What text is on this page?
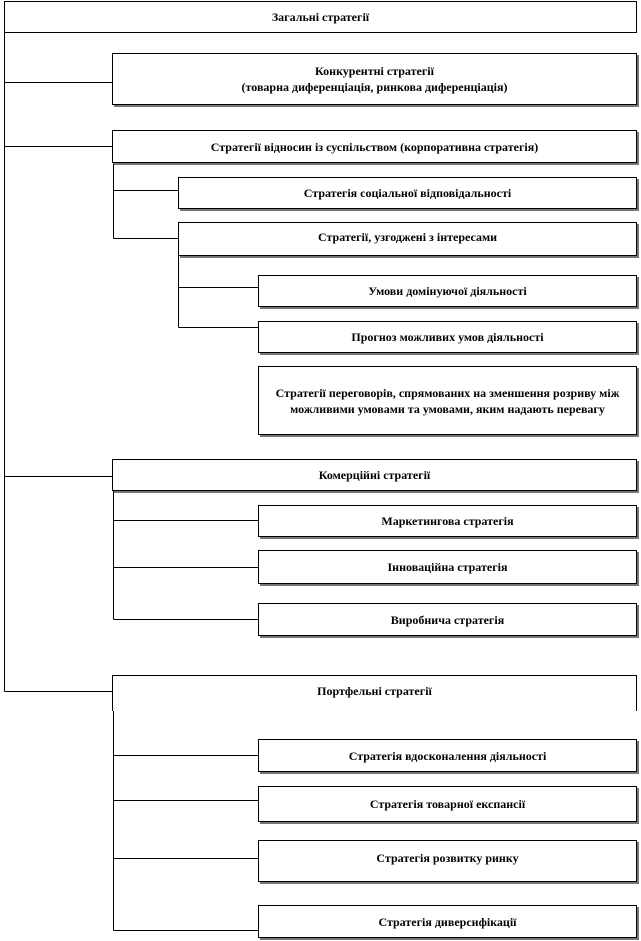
Загальні стратегії
Конкурентні стратегії
(товарна диференціація, ринкова диференціація)
Стратегії відносин із суспільством (корпоративна стратегія)
Стратегія соціальної відповідальності
Стратегії, узгоджені з інтересами
Умови домінуючої діяльності
Прогноз можливих умов діяльності
Стратегії переговорів, спрямованих на зменшення розриву між можливими умовами та умовами, яким надають перевагу
Комерційні стратегії
Маркетингова стратегія
Інноваційна стратегія
Виробнича стратегія
Портфельні стратегії
Стратегія вдосконалення діяльності
Стратегія товарної експансії
Стратегія розвитку ринку
Стратегія диверсифікації
